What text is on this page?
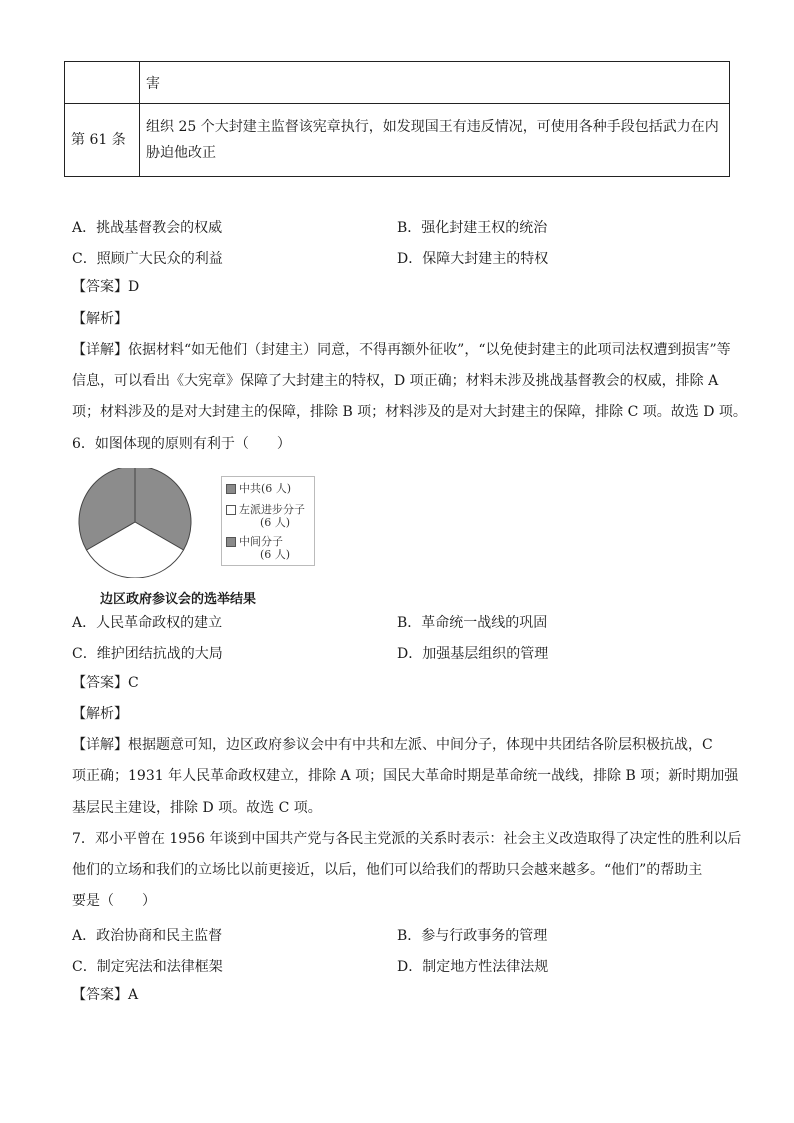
	害
第 61 条	组织 25 个大封建主监督该宪章执行，如发现国王有违反情况，可使用各种手段包括武力在内胁迫他改正
A．挑战基督教会的权威	B．强化封建王权的统治
C．照顾广大民众的利益	D．保障大封建主的特权
【答案】D
【解析】
【详解】依据材料“如无他们（封建主）同意，不得再额外征收”，“以免使封建主的此项司法权遭到损害”等
信息，可以看出《大宪章》保障了大封建主的特权，D 项正确；材料未涉及挑战基督教会的权威，排除 A
项；材料涉及的是对大封建主的保障，排除 B 项；材料涉及的是对大封建主的保障，排除 C 项。故选 D 项。
6．如图体现的原则有利于（　　）
中共(6 人)
左派进步分子
(6 人)
中间分子
(6 人)
边区政府参议会的选举结果
A．人民革命政权的建立	B．革命统一战线的巩固
C．维护团结抗战的大局	D．加强基层组织的管理
【答案】C
【解析】
【详解】根据题意可知，边区政府参议会中有中共和左派、中间分子，体现中共团结各阶层积极抗战，C
项正确；1931 年人民革命政权建立，排除 A 项；国民大革命时期是革命统一战线，排除 B 项；新时期加强
基层民主建设，排除 D 项。故选 C 项。
7．邓小平曾在 1956 年谈到中国共产党与各民主党派的关系时表示：社会主义改造取得了决定性的胜利以后
他们的立场和我们的立场比以前更接近，以后，他们可以给我们的帮助只会越来越多。“他们”的帮助主
要是（　　）
A．政治协商和民主监督	B．参与行政事务的管理
C．制定宪法和法律框架	D．制定地方性法律法规
【答案】A
